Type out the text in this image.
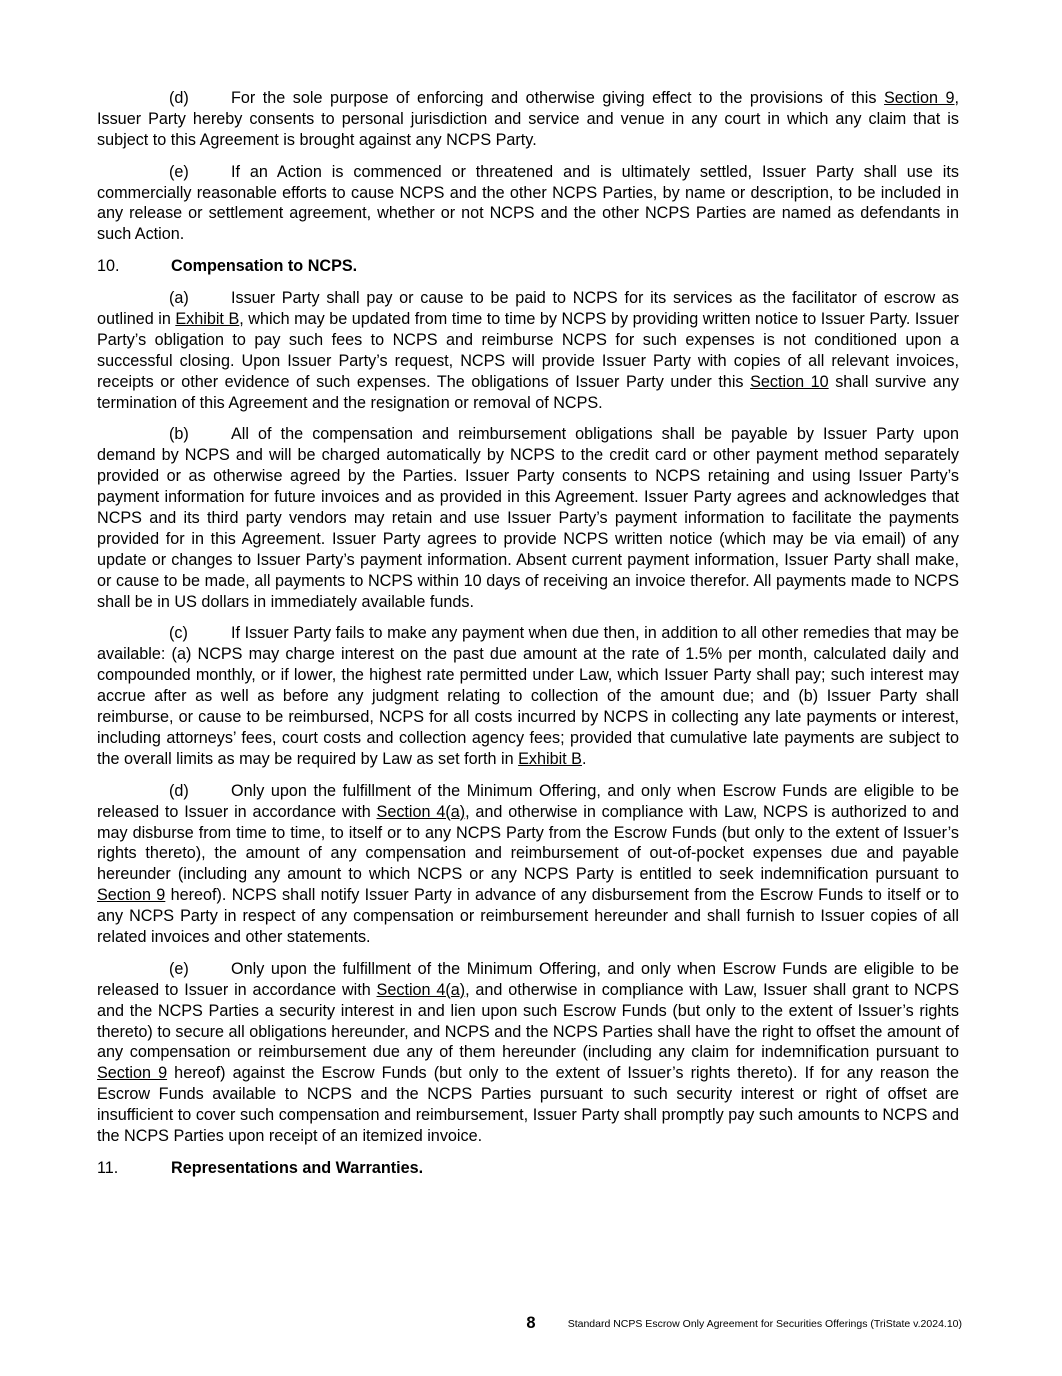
(d)	For the sole purpose of enforcing and otherwise giving effect to the provisions of this Section 9, Issuer Party hereby consents to personal jurisdiction and service and venue in any court in which any claim that is subject to this Agreement is brought against any NCPS Party.

(e)	If an Action is commenced or threatened and is ultimately settled, Issuer Party shall use its commercially reasonable efforts to cause NCPS and the other NCPS Parties, by name or description, to be included in any release or settlement agreement, whether or not NCPS and the other NCPS Parties are named as defendants in such Action.

10.	Compensation to NCPS.

(a)	Issuer Party shall pay or cause to be paid to NCPS for its services as the facilitator of escrow as outlined in Exhibit B, which may be updated from time to time by NCPS by providing written notice to Issuer Party. Issuer Party’s obligation to pay such fees to NCPS and reimburse NCPS for such expenses is not conditioned upon a successful closing. Upon Issuer Party’s request, NCPS will provide Issuer Party with copies of all relevant invoices, receipts or other evidence of such expenses. The obligations of Issuer Party under this Section 10 shall survive any termination of this Agreement and the resignation or removal of NCPS.

(b)	All of the compensation and reimbursement obligations shall be payable by Issuer Party upon demand by NCPS and will be charged automatically by NCPS to the credit card or other payment method separately provided or as otherwise agreed by the Parties. Issuer Party consents to NCPS retaining and using Issuer Party’s payment information for future invoices and as provided in this Agreement. Issuer Party agrees and acknowledges that NCPS and its third party vendors may retain and use Issuer Party’s payment information to facilitate the payments provided for in this Agreement. Issuer Party agrees to provide NCPS written notice (which may be via email) of any update or changes to Issuer Party’s payment information. Absent current payment information, Issuer Party shall make, or cause to be made, all payments to NCPS within 10 days of receiving an invoice therefor. All payments made to NCPS shall be in US dollars in immediately available funds.

(c)	If Issuer Party fails to make any payment when due then, in addition to all other remedies that may be available: (a) NCPS may charge interest on the past due amount at the rate of 1.5% per month, calculated daily and compounded monthly, or if lower, the highest rate permitted under Law, which Issuer Party shall pay; such interest may accrue after as well as before any judgment relating to collection of the amount due; and (b) Issuer Party shall reimburse, or cause to be reimbursed, NCPS for all costs incurred by NCPS in collecting any late payments or interest, including attorneys’ fees, court costs and collection agency fees; provided that cumulative late payments are subject to the overall limits as may be required by Law as set forth in Exhibit B.

(d)	Only upon the fulfillment of the Minimum Offering, and only when Escrow Funds are eligible to be released to Issuer in accordance with Section 4(a), and otherwise in compliance with Law, NCPS is authorized to and may disburse from time to time, to itself or to any NCPS Party from the Escrow Funds (but only to the extent of Issuer’s rights thereto), the amount of any compensation and reimbursement of out-of-pocket expenses due and payable hereunder (including any amount to which NCPS or any NCPS Party is entitled to seek indemnification pursuant to Section 9 hereof). NCPS shall notify Issuer Party in advance of any disbursement from the Escrow Funds to itself or to any NCPS Party in respect of any compensation or reimbursement hereunder and shall furnish to Issuer copies of all related invoices and other statements.

(e)	Only upon the fulfillment of the Minimum Offering, and only when Escrow Funds are eligible to be released to Issuer in accordance with Section 4(a), and otherwise in compliance with Law, Issuer shall grant to NCPS and the NCPS Parties a security interest in and lien upon such Escrow Funds (but only to the extent of Issuer’s rights thereto) to secure all obligations hereunder, and NCPS and the NCPS Parties shall have the right to offset the amount of any compensation or reimbursement due any of them hereunder (including any claim for indemnification pursuant to Section 9 hereof) against the Escrow Funds (but only to the extent of Issuer’s rights thereto). If for any reason the Escrow Funds available to NCPS and the NCPS Parties pursuant to such security interest or right of offset are insufficient to cover such compensation and reimbursement, Issuer Party shall promptly pay such amounts to NCPS and the NCPS Parties upon receipt of an itemized invoice.

11.	Representations and Warranties.

8	Standard NCPS Escrow Only Agreement for Securities Offerings (TriState v.2024.10)
